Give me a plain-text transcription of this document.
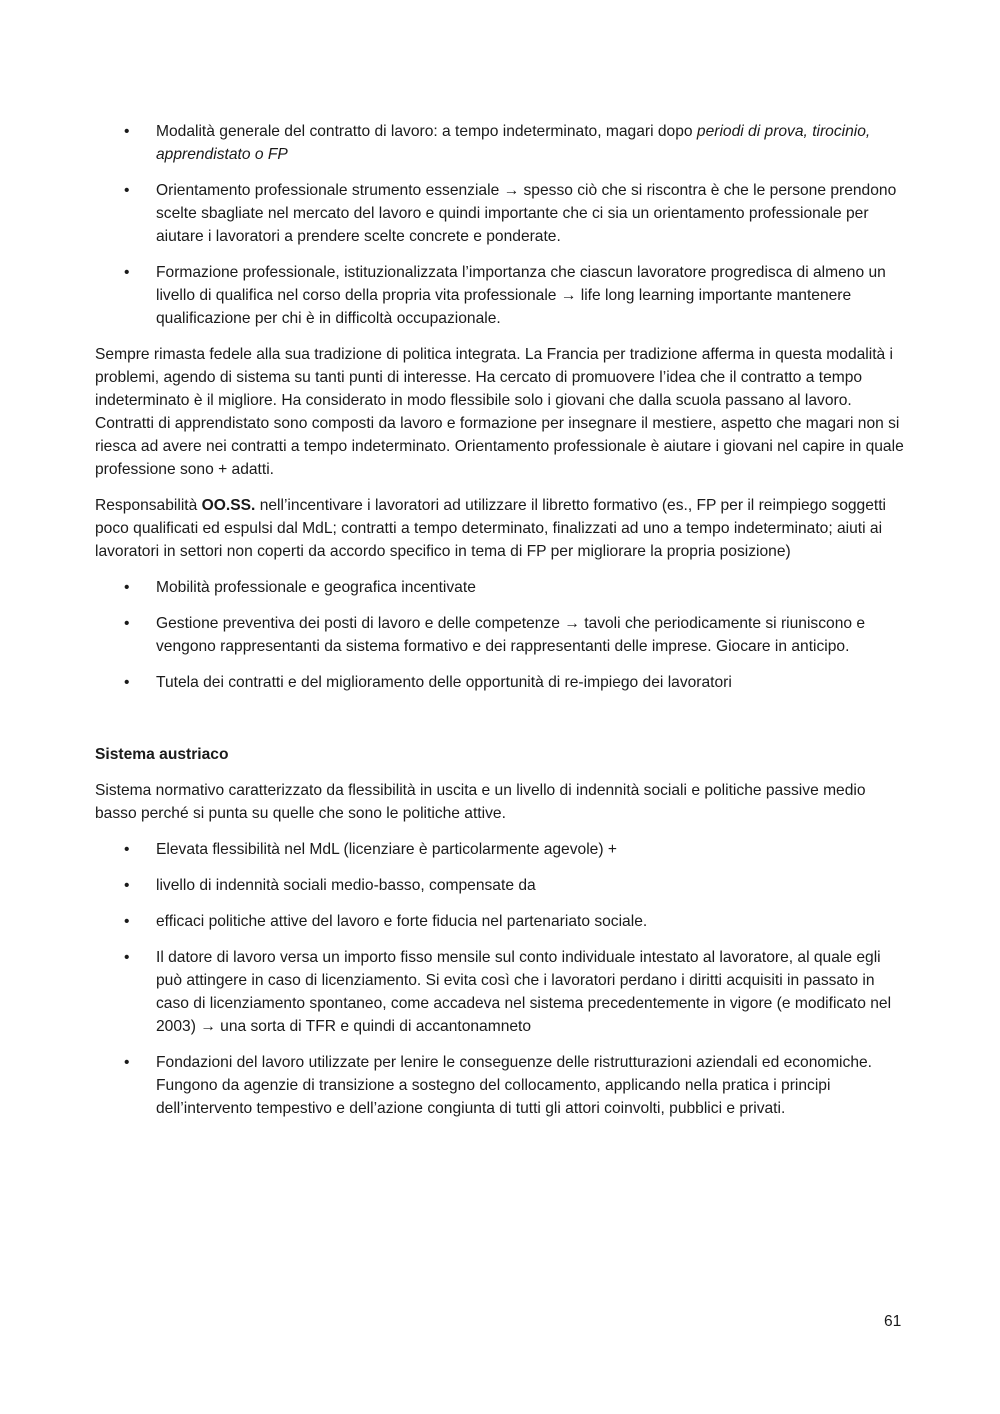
• Modalità generale del contratto di lavoro: a tempo indeterminato, magari dopo periodi di prova, tirocinio, apprendistato o FP
• Orientamento professionale strumento essenziale → spesso ciò che si riscontra è che le persone prendono scelte sbagliate nel mercato del lavoro e quindi importante che ci sia un orientamento professionale per aiutare i lavoratori a prendere scelte concrete e ponderate.
• Formazione professionale, istituzionalizzata l’importanza che ciascun lavoratore progredisca di almeno un livello di qualifica nel corso della propria vita professionale → life long learning importante mantenere qualificazione per chi è in difficoltà occupazionale.

Sempre rimasta fedele alla sua tradizione di politica integrata. La Francia per tradizione afferma in questa modalità i problemi, agendo di sistema su tanti punti di interesse. Ha cercato di promuovere l’idea che il contratto a tempo indeterminato è il migliore. Ha considerato in modo flessibile solo i giovani che dalla scuola passano al lavoro. Contratti di apprendistato sono composti da lavoro e formazione per insegnare il mestiere, aspetto che magari non si riesca ad avere nei contratti a tempo indeterminato. Orientamento professionale è aiutare i giovani nel capire in quale professione sono + adatti.

Responsabilità OO.SS. nell’incentivare i lavoratori ad utilizzare il libretto formativo (es., FP per il reimpiego soggetti poco qualificati ed espulsi dal MdL; contratti a tempo determinato, finalizzati ad uno a tempo indeterminato; aiuti ai lavoratori in settori non coperti da accordo specifico in tema di FP per migliorare la propria posizione)

• Mobilità professionale e geografica incentivate
• Gestione preventiva dei posti di lavoro e delle competenze → tavoli che periodicamente si riuniscono e vengono rappresentanti da sistema formativo e dei rappresentanti delle imprese. Giocare in anticipo.
• Tutela dei contratti e del miglioramento delle opportunità di re-impiego dei lavoratori

Sistema austriaco

Sistema normativo caratterizzato da flessibilità in uscita e un livello di indennità sociali e politiche passive medio basso perché si punta su quelle che sono le politiche attive.

• Elevata flessibilità nel MdL (licenziare è particolarmente agevole) +
• livello di indennità sociali medio-basso, compensate da
• efficaci politiche attive del lavoro e forte fiducia nel partenariato sociale.
• Il datore di lavoro versa un importo fisso mensile sul conto individuale intestato al lavoratore, al quale egli può attingere in caso di licenziamento. Si evita così che i lavoratori perdano i diritti acquisiti in passato in caso di licenziamento spontaneo, come accadeva nel sistema precedentemente in vigore (e modificato nel 2003) → una sorta di TFR e quindi di accantonamneto
• Fondazioni del lavoro utilizzate per lenire le conseguenze delle ristrutturazioni aziendali ed economiche. Fungono da agenzie di transizione a sostegno del collocamento, applicando nella pratica i principi dell’intervento tempestivo e dell’azione congiunta di tutti gli attori coinvolti, pubblici e privati.
61
